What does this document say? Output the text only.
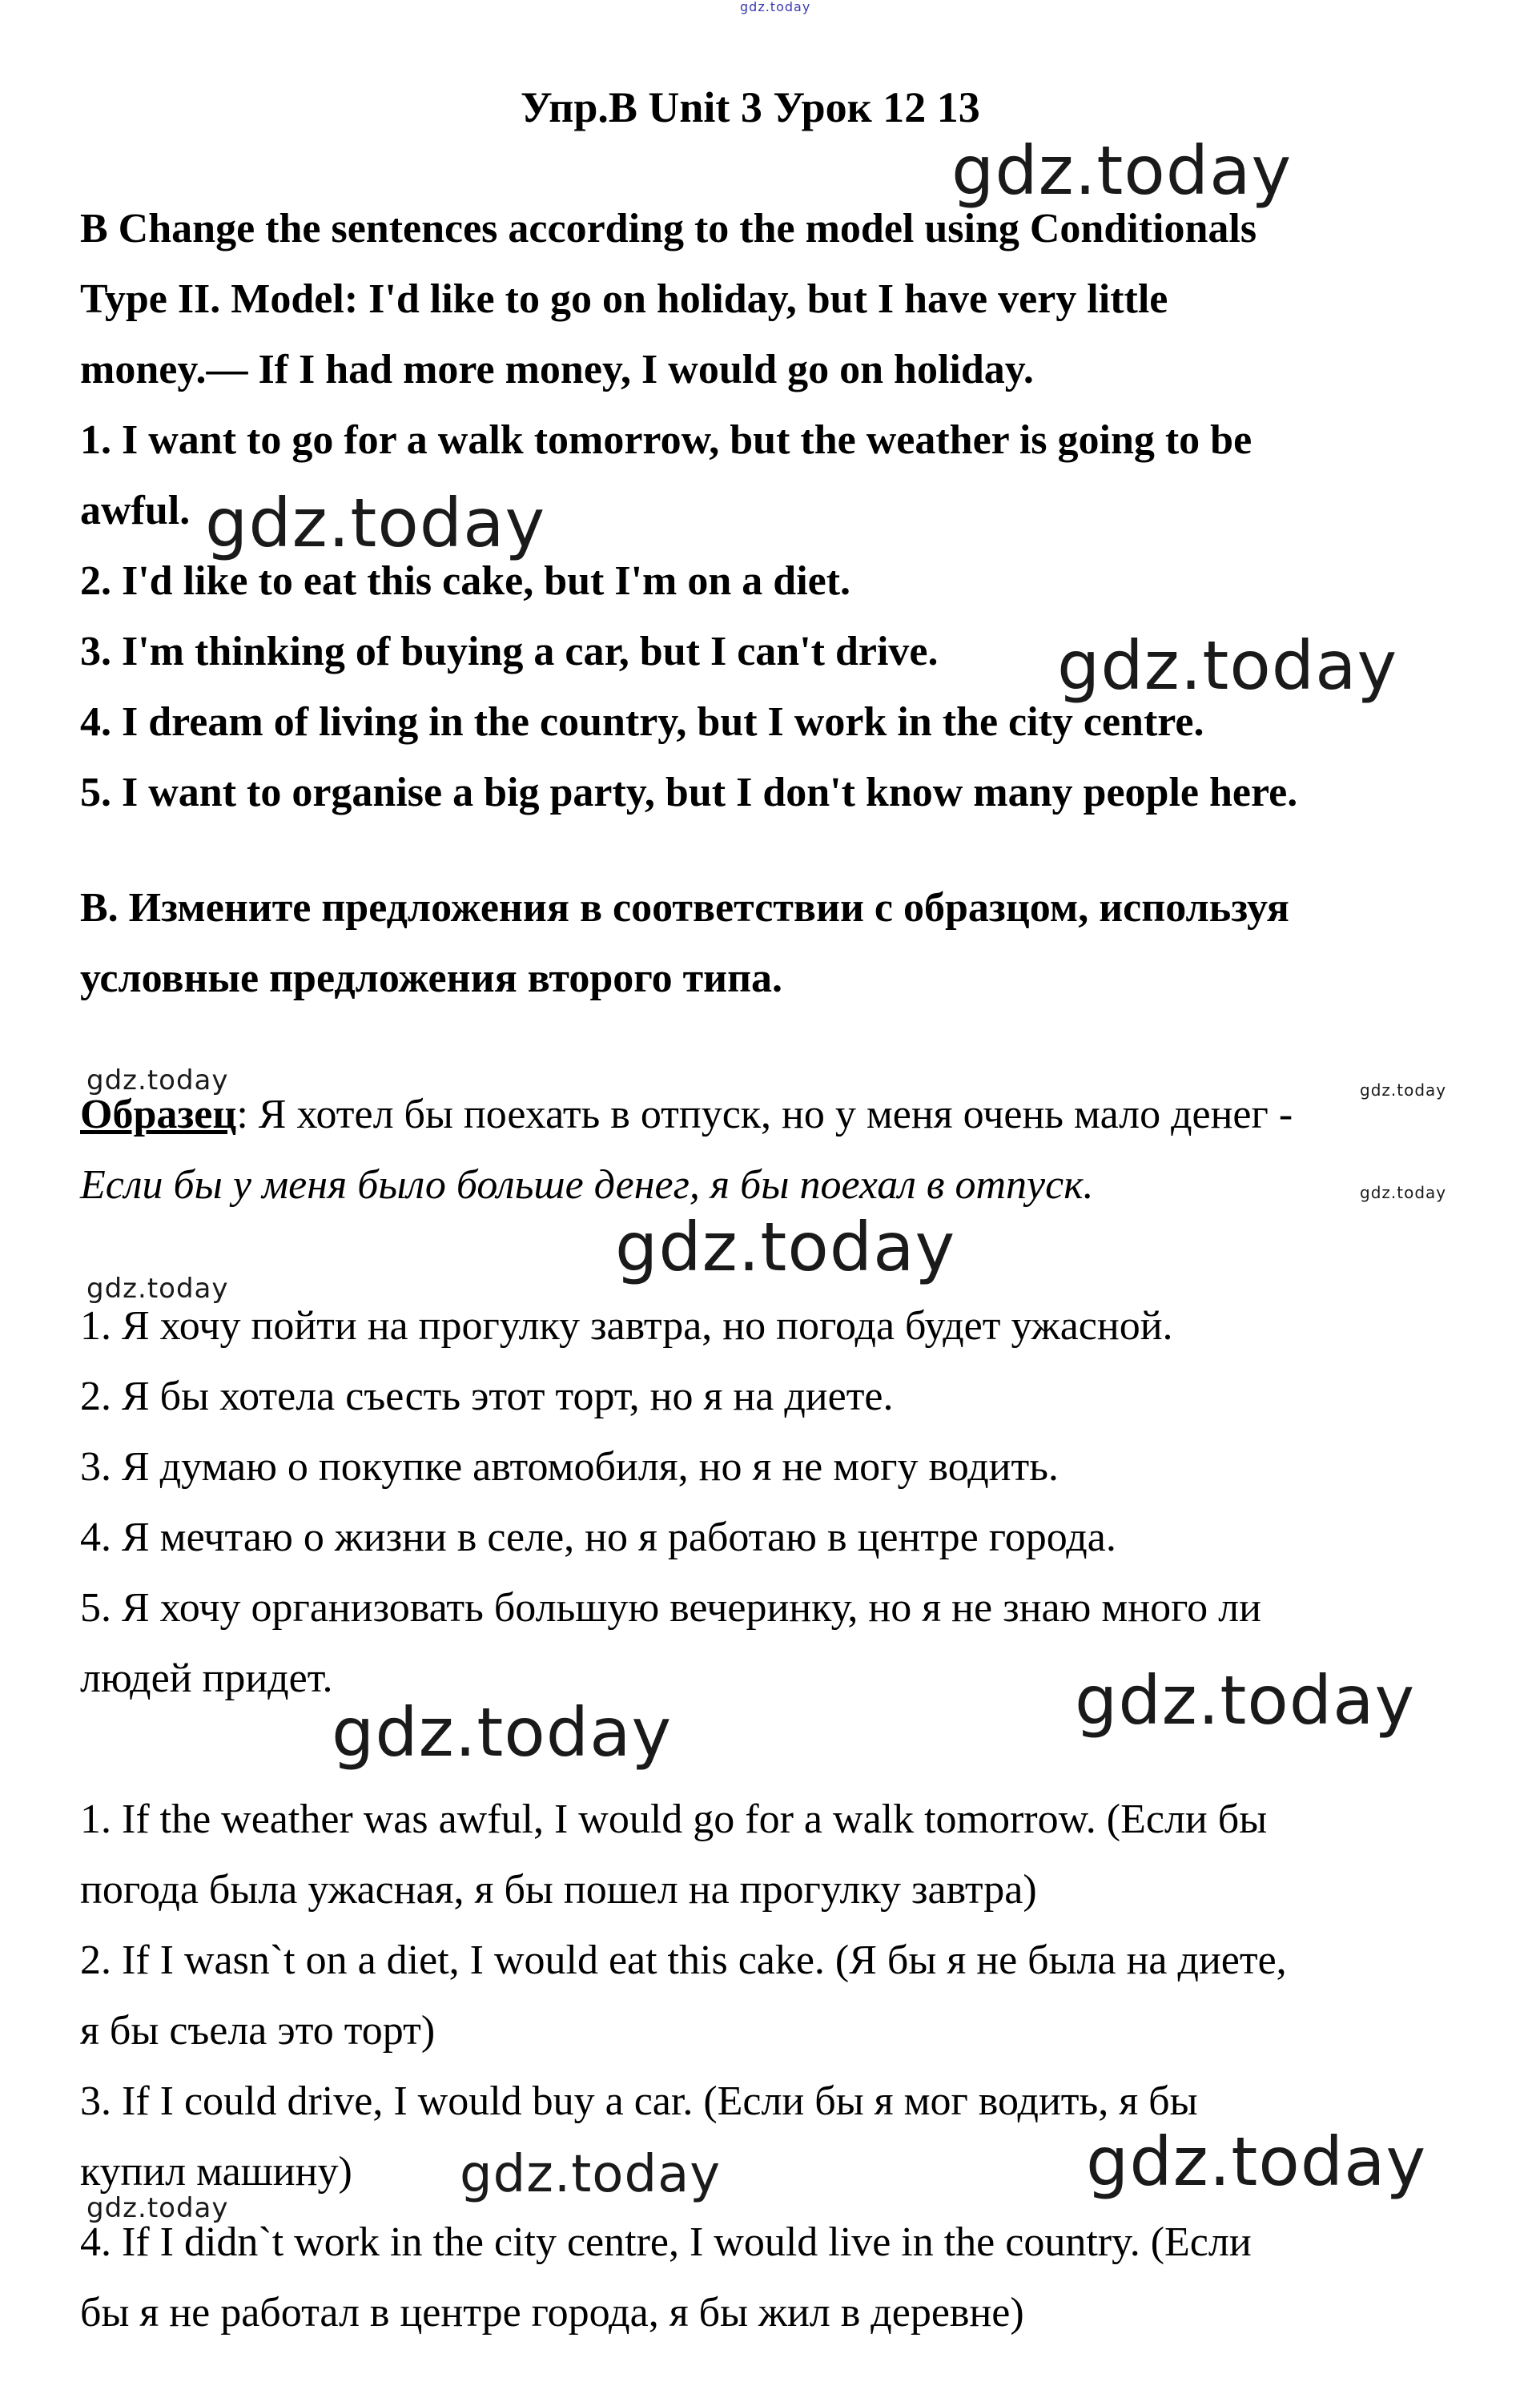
gdz.today
Упр.B Unit 3 Урок 12 13
B Change the sentences according to the model using Conditionals
Type II. Model: I'd like to go on holiday, but I have very little
money.— If I had more money, I would go on holiday.
1. I want to go for a walk tomorrow, but the weather is going to be
awful.
2. I'd like to eat this cake, but I'm on a diet.
3. I'm thinking of buying a car, but I can't drive.
4. I dream of living in the country, but I work in the city centre.
5. I want to organise a big party, but I don't know many people here.
B. Измените предложения в соответствии с образцом, используя
условные предложения второго типа.
Образец: Я хотел бы поехать в отпуск, но у меня очень мало денег -
Если бы у меня было больше денег, я бы поехал в отпуск.
1. Я хочу пойти на прогулку завтра, но погода будет ужасной.
2. Я бы хотела съесть этот торт, но я на диете.
3. Я думаю о покупке автомобиля, но я не могу водить.
4. Я мечтаю о жизни в селе, но я работаю в центре города.
5. Я хочу организовать большую вечеринку, но я не знаю много ли
людей придет.
1. If the weather was awful, I would go for a walk tomorrow. (Если бы
погода была ужасная, я бы пошел на прогулку завтра)
2. If I wasn`t on a diet, I would eat this cake. (Я бы я не была на диете,
я бы съела это торт)
3. If I could drive, I would buy a car. (Если бы я мог водить, я бы
купил машину)
4. If I didn`t work in the city centre, I would live in the country. (Если
бы я не работал в центре города, я бы жил в деревне)
gdz.today
gdz.today
gdz.today
gdz.today	gdz.today
gdz.today
gdz.today
gdz.today
gdz.today	gdz.today
gdz.today	gdz.today
gdz.today
